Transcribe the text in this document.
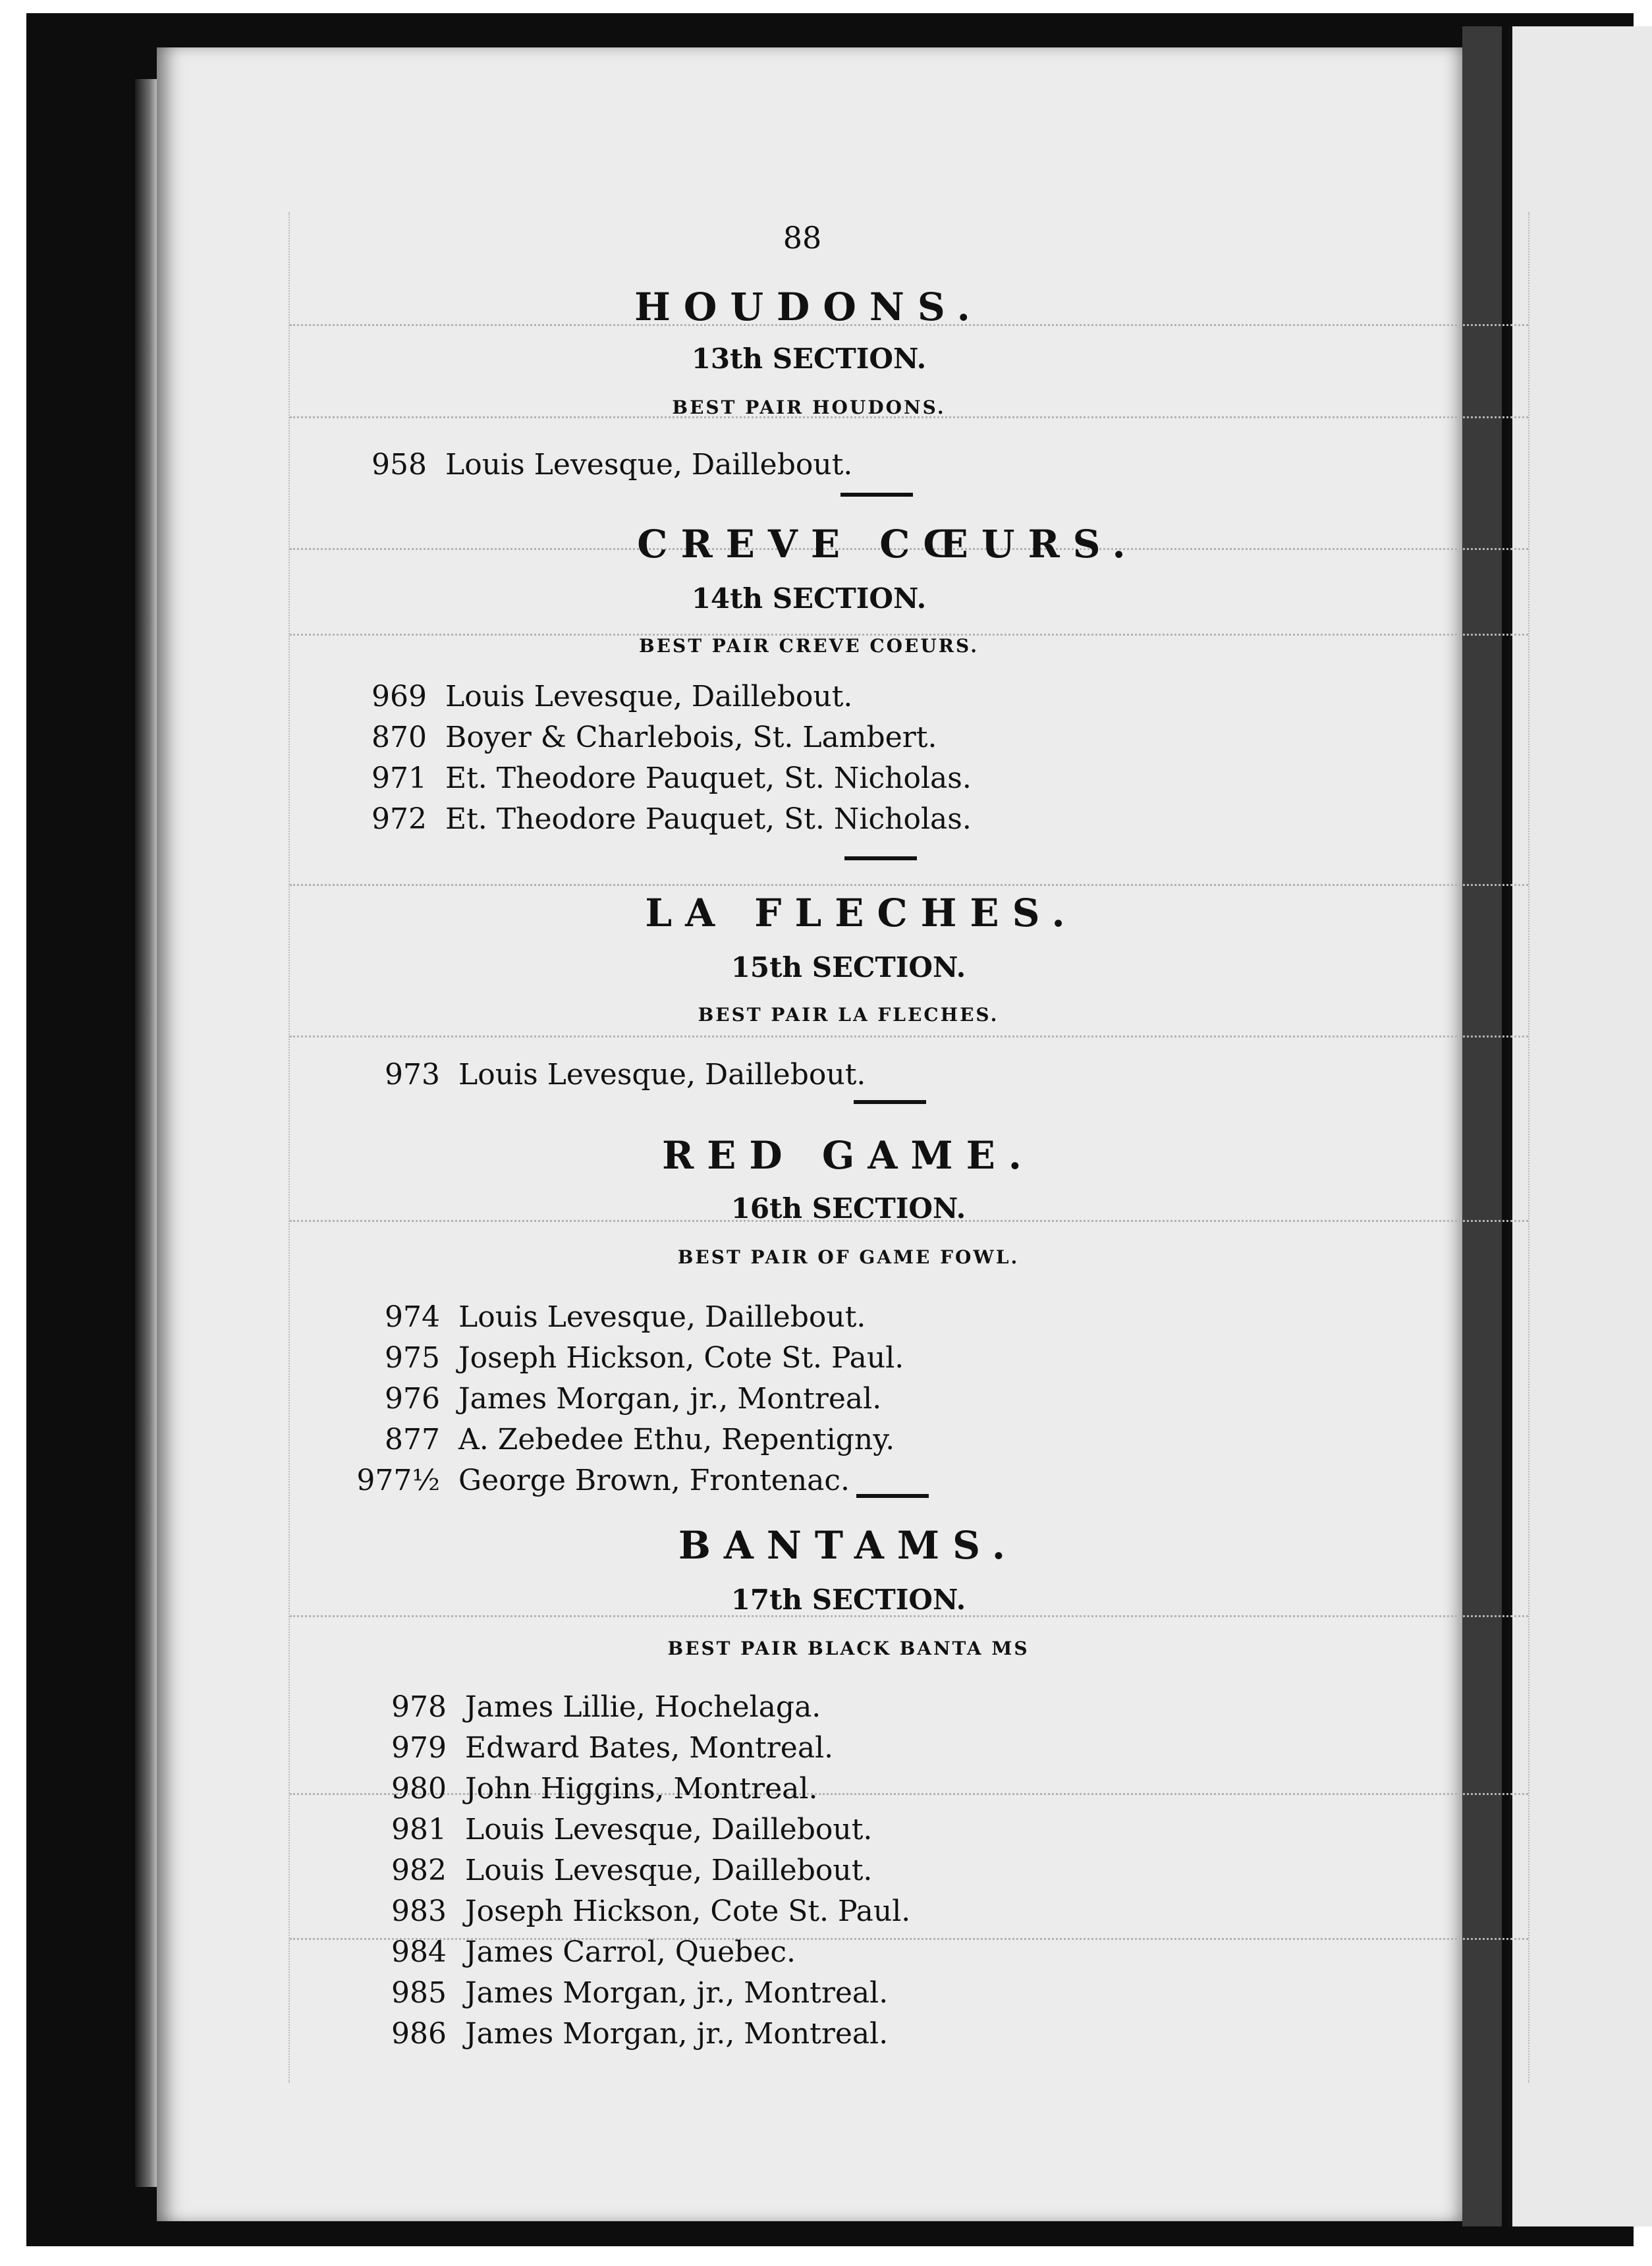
88
HOUDONS.
13th SECTION.
BEST PAIR HOUDONS.
958 Louis Levesque, Daillebout.
CREVE CŒURS.
14th SECTION.
BEST PAIR CREVE COEURS.
969 Louis Levesque, Daillebout.
870 Boyer & Charlebois, St. Lambert.
971 Et. Theodore Pauquet, St. Nicholas.
972 Et. Theodore Pauquet, St. Nicholas.
LA FLECHES.
15th SECTION.
BEST PAIR LA FLECHES.
973 Louis Levesque, Daillebout.
RED GAME.
16th SECTION.
BEST PAIR OF GAME FOWL.
974 Louis Levesque, Daillebout.
975 Joseph Hickson, Cote St. Paul.
976 James Morgan, jr., Montreal.
877 A. Zebedee Ethu, Repentigny.
977½ George Brown, Frontenac.
BANTAMS.
17th SECTION.
BEST PAIR BLACK BANTA MS
978 James Lillie, Hochelaga.
979 Edward Bates, Montreal.
980 John Higgins, Montreal.
981 Louis Levesque, Daillebout.
982 Louis Levesque, Daillebout.
983 Joseph Hickson, Cote St. Paul.
984 James Carrol, Quebec.
985 James Morgan, jr., Montreal.
986 James Morgan, jr., Montreal.
